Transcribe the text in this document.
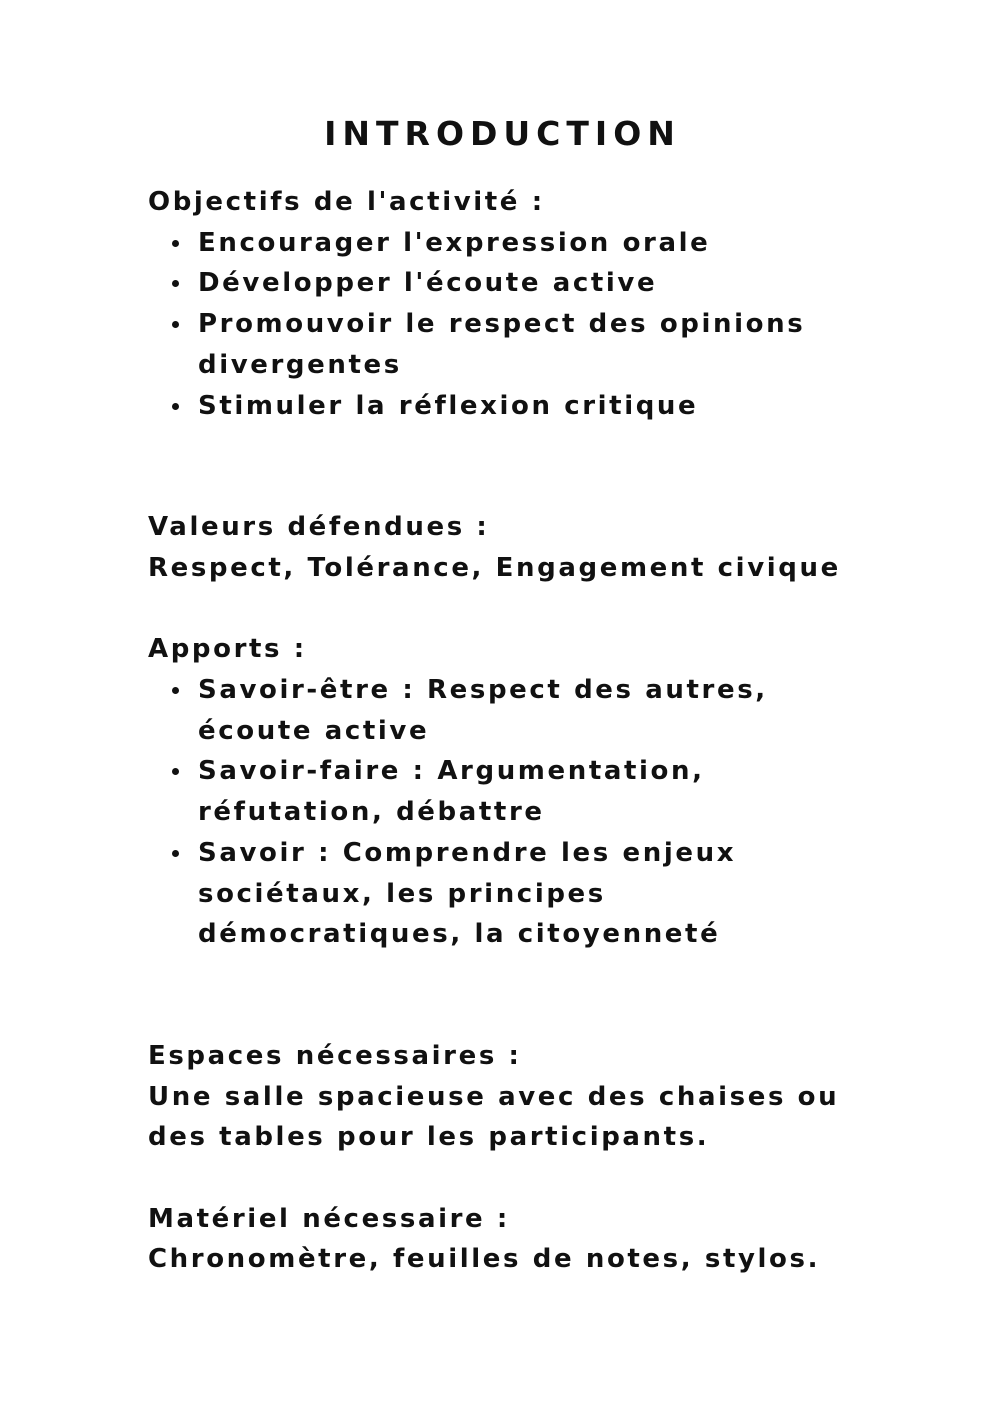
INTRODUCTION
Objectifs de l'activité :
Encourager l'expression orale
Développer l'écoute active
Promouvoir le respect des opinions
divergentes
Stimuler la réflexion critique
Valeurs défendues :
Respect, Tolérance, Engagement civique
Apports :
Savoir-être : Respect des autres,
écoute active
Savoir-faire : Argumentation,
réfutation, débattre
Savoir : Comprendre les enjeux
sociétaux, les principes
démocratiques, la citoyenneté
Espaces nécessaires :
Une salle spacieuse avec des chaises ou
des tables pour les participants.
Matériel nécessaire :
Chronomètre, feuilles de notes, stylos.
